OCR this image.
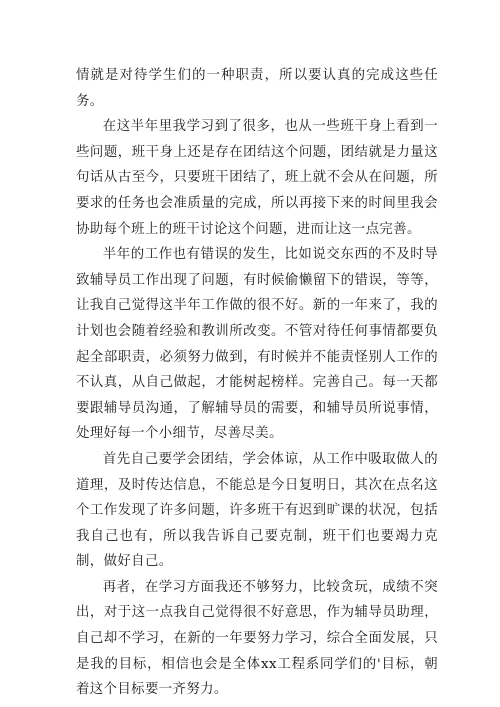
情就是对待学生们的一种职责，所以要认真的完成这些任务。

在这半年里我学习到了很多，也从一些班干身上看到一些问题，班干身上还是存在团结这个问题，团结就是力量这句话从古至今，只要班干团结了，班上就不会从在问题，所要求的任务也会准质量的完成，所以再接下来的时间里我会协助每个班上的班干讨论这个问题，进而让这一点完善。

半年的工作也有错误的发生，比如说交东西的不及时导致辅导员工作出现了问题，有时候偷懒留下的错误，等等，让我自己觉得这半年工作做的很不好。新的一年来了，我的计划也会随着经验和教训所改变。不管对待任何事情都要负起全部职责，必须努力做到，有时候并不能责怪别人工作的不认真，从自己做起，才能树起榜样。完善自己。每一天都要跟辅导员沟通，了解辅导员的需要，和辅导员所说事情，处理好每一个小细节，尽善尽美。

首先自己要学会团结，学会体谅，从工作中吸取做人的道理，及时传达信息，不能总是今日复明日，其次在点名这个工作发现了许多问题，许多班干有迟到旷课的状况，包括我自己也有，所以我告诉自己要克制，班干们也要竭力克制，做好自己。

再者，在学习方面我还不够努力，比较贪玩，成绩不突出，对于这一点我自己觉得很不好意思，作为辅导员助理，自己却不学习，在新的一年要努力学习，综合全面发展，只是我的目标，相信也会是全体xx工程系同学们的'目标，朝着这个目标要一齐努力。
